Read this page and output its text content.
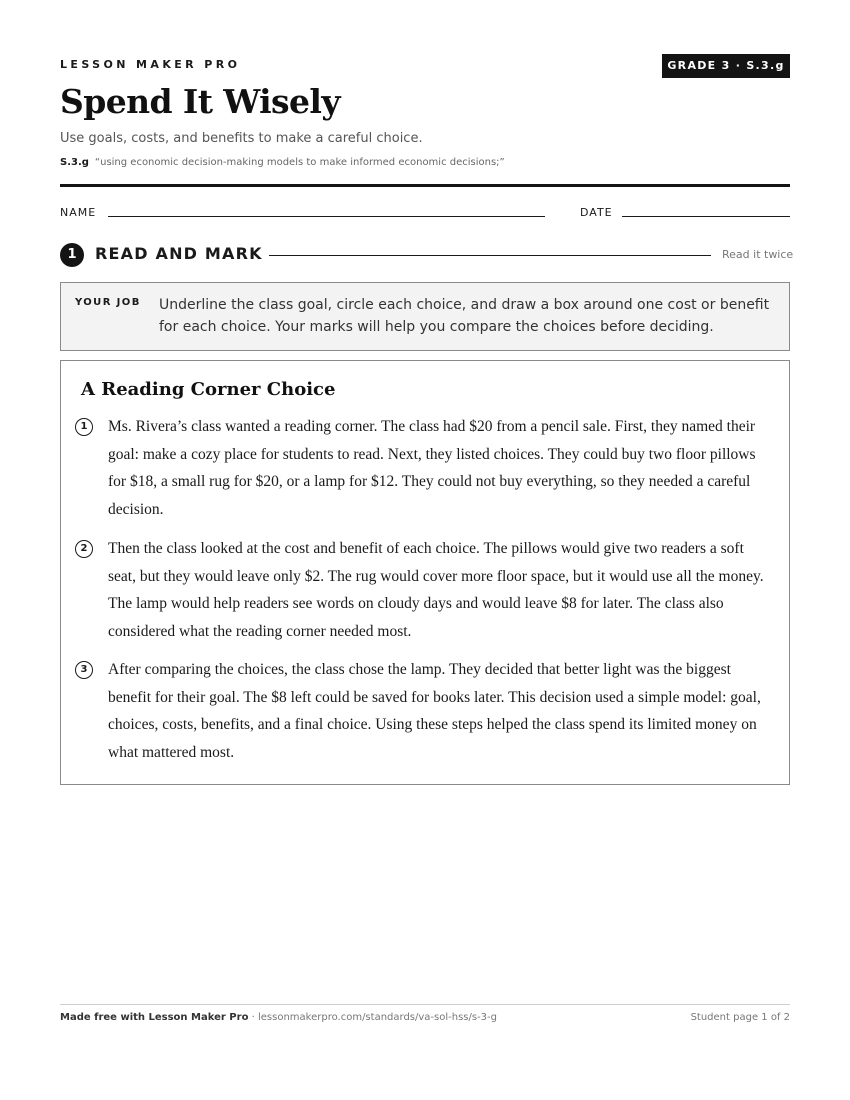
LESSON MAKER PRO	GRADE 3 · S.3.g
Spend It Wisely
Use goals, costs, and benefits to make a careful choice.
S.3.g “using economic decision-making models to make informed economic decisions;”
NAME	DATE
1	READ AND MARK	Read it twice
YOUR JOB Underline the class goal, circle each choice, and draw a box around one cost or benefit for each choice. Your marks will help you compare the choices before deciding.
A Reading Corner Choice
1	Ms. Rivera’s class wanted a reading corner. The class had $20 from a pencil sale. First, they named their goal: make a cozy place for students to read. Next, they listed choices. They could buy two floor pillows for $18, a small rug for $20, or a lamp for $12. They could not buy everything, so they needed a careful decision.
2	Then the class looked at the cost and benefit of each choice. The pillows would give two readers a soft seat, but they would leave only $2. The rug would cover more floor space, but it would use all the money. The lamp would help readers see words on cloudy days and would leave $8 for later. The class also considered what the reading corner needed most.
3	After comparing the choices, the class chose the lamp. They decided that better light was the biggest benefit for their goal. The $8 left could be saved for books later. This decision used a simple model: goal, choices, costs, benefits, and a final choice. Using these steps helped the class spend its limited money on what mattered most.
Made free with Lesson Maker Pro · lessonmakerpro.com/standards/va-sol-hss/s-3-g	Student page 1 of 2
